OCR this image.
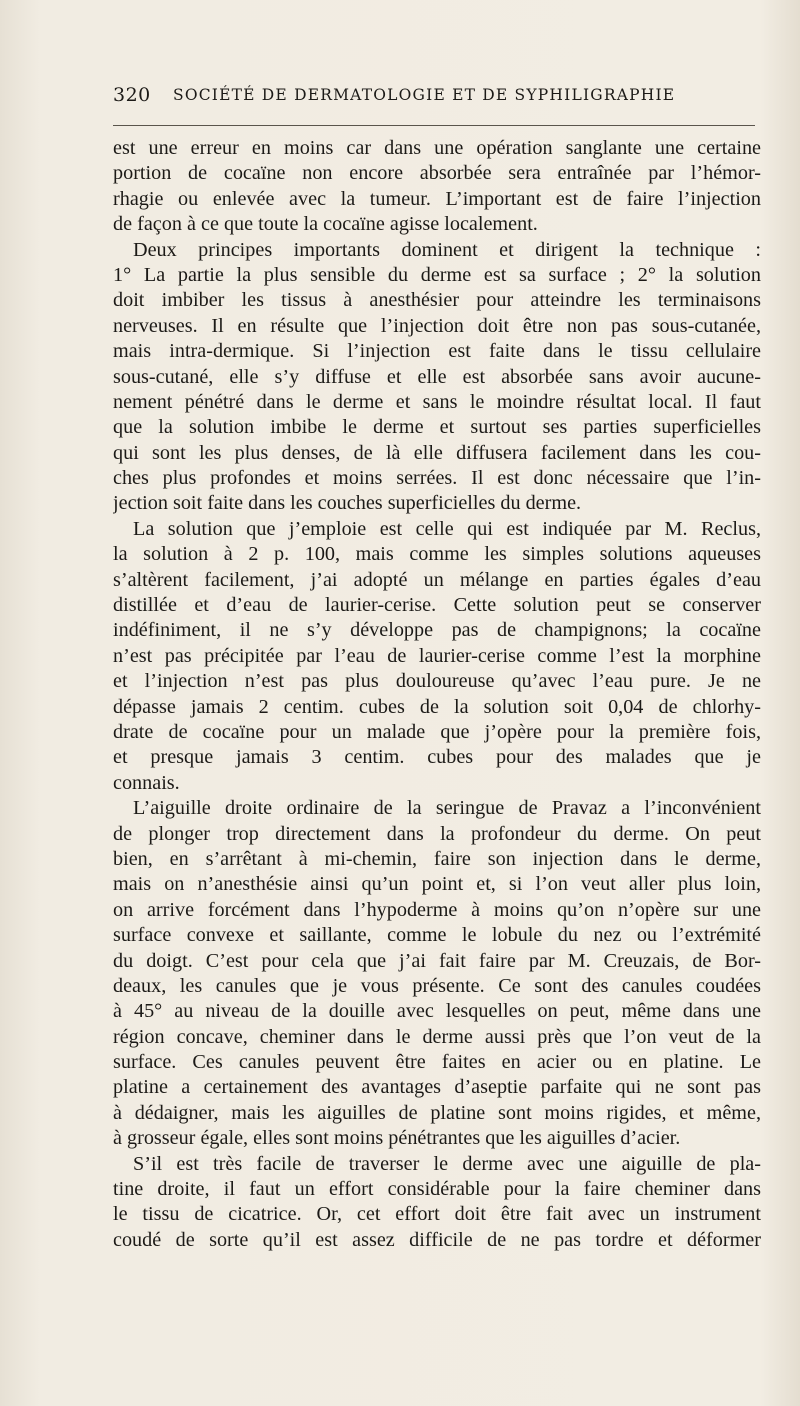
320 SOCIÉTÉ DE DERMATOLOGIE ET DE SYPHILIGRAPHIE
est une erreur en moins car dans une opération sanglante une certaine
portion de cocaïne non encore absorbée sera entraînée par l’hémor-
rhagie ou enlevée avec la tumeur. L’important est de faire l’injection
de façon à ce que toute la cocaïne agisse localement.
Deux principes importants dominent et dirigent la technique :
1° La partie la plus sensible du derme est sa surface ; 2° la solution
doit imbiber les tissus à anesthésier pour atteindre les terminaisons
nerveuses. Il en résulte que l’injection doit être non pas sous-cutanée,
mais intra-dermique. Si l’injection est faite dans le tissu cellulaire
sous-cutané, elle s’y diffuse et elle est absorbée sans avoir aucune-
nement pénétré dans le derme et sans le moindre résultat local. Il faut
que la solution imbibe le derme et surtout ses parties superficielles
qui sont les plus denses, de là elle diffusera facilement dans les cou-
ches plus profondes et moins serrées. Il est donc nécessaire que l’in-
jection soit faite dans les couches superficielles du derme.
La solution que j’emploie est celle qui est indiquée par M. Reclus,
la solution à 2 p. 100, mais comme les simples solutions aqueuses
s’altèrent facilement, j’ai adopté un mélange en parties égales d’eau
distillée et d’eau de laurier-cerise. Cette solution peut se conserver
indéfiniment, il ne s’y développe pas de champignons; la cocaïne
n’est pas précipitée par l’eau de laurier-cerise comme l’est la morphine
et l’injection n’est pas plus douloureuse qu’avec l’eau pure. Je ne
dépasse jamais 2 centim. cubes de la solution soit 0,04 de chlorhy-
drate de cocaïne pour un malade que j’opère pour la première fois,
et presque jamais 3 centim. cubes pour des malades que je
connais.
L’aiguille droite ordinaire de la seringue de Pravaz a l’inconvénient
de plonger trop directement dans la profondeur du derme. On peut
bien, en s’arrêtant à mi-chemin, faire son injection dans le derme,
mais on n’anesthésie ainsi qu’un point et, si l’on veut aller plus loin,
on arrive forcément dans l’hypoderme à moins qu’on n’opère sur une
surface convexe et saillante, comme le lobule du nez ou l’extrémité
du doigt. C’est pour cela que j’ai fait faire par M. Creuzais, de Bor-
deaux, les canules que je vous présente. Ce sont des canules coudées
à 45° au niveau de la douille avec lesquelles on peut, même dans une
région concave, cheminer dans le derme aussi près que l’on veut de la
surface. Ces canules peuvent être faites en acier ou en platine. Le
platine a certainement des avantages d’aseptie parfaite qui ne sont pas
à dédaigner, mais les aiguilles de platine sont moins rigides, et même,
à grosseur égale, elles sont moins pénétrantes que les aiguilles d’acier.
S’il est très facile de traverser le derme avec une aiguille de pla-
tine droite, il faut un effort considérable pour la faire cheminer dans
le tissu de cicatrice. Or, cet effort doit être fait avec un instrument
coudé de sorte qu’il est assez difficile de ne pas tordre et déformer
